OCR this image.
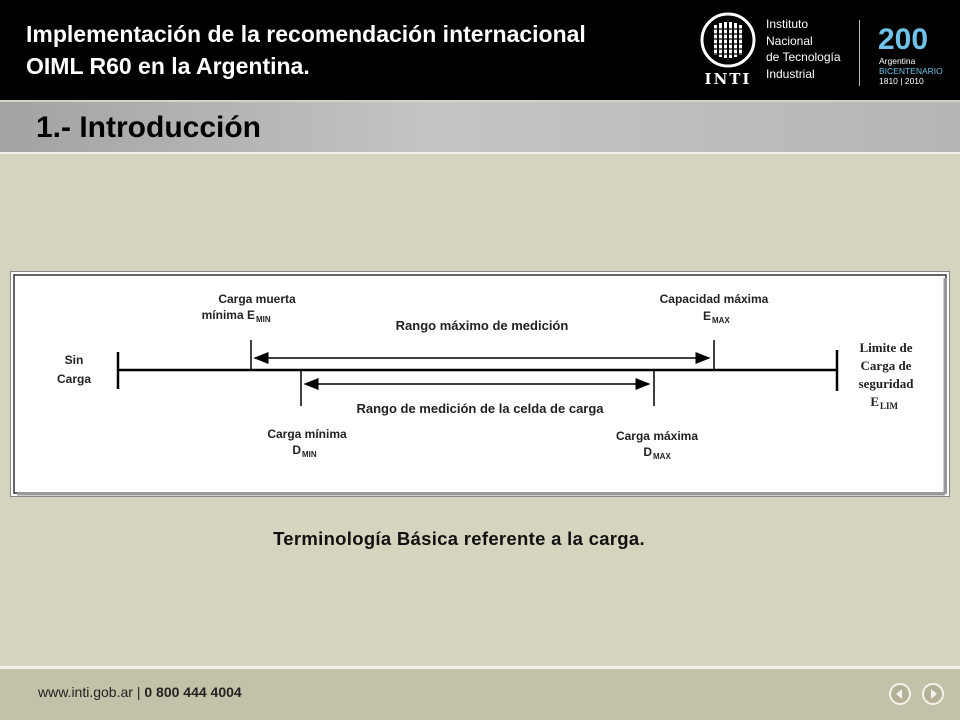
Implementación de la recomendación internacional
OIML R60 en la Argentina.	INTI
Instituto
Nacional
de Tecnología
Industrial
200
Argentina
BICENTENARIO
1810 | 2010
1.- Introducción
Sin
Carga
Carga muerta
mínima E MIN
Capacidad máxima
E MAX
Rango máximo de medición
Rango de medición de la celda de carga
Carga mínima
D MIN
Carga máxima
D MAX
Limite de
Carga de
seguridad
E LIM
Terminología Básica referente a la carga.
www.inti.gob.ar | 0 800 444 4004
